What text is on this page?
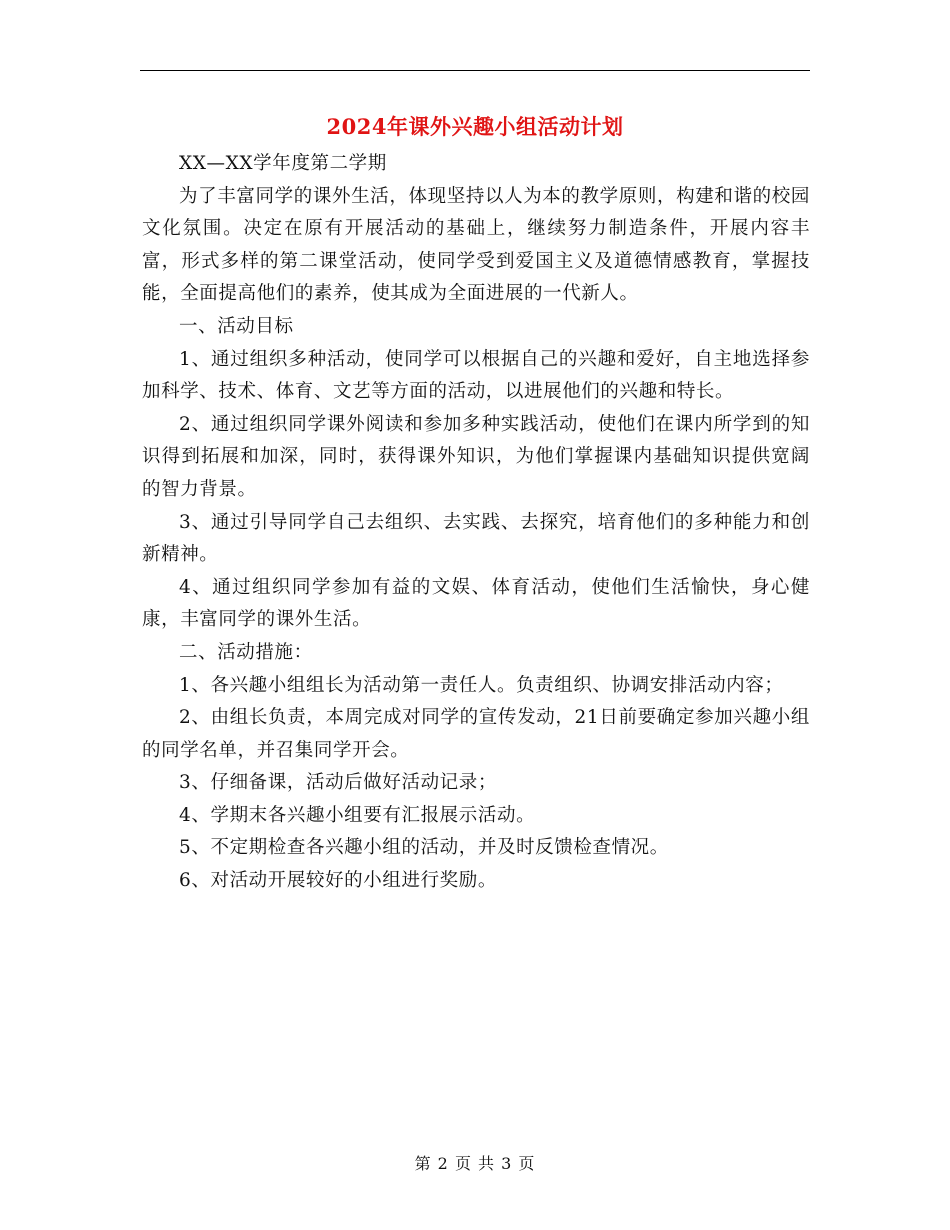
2024年课外兴趣小组活动计划

XX—XX学年度第二学期

为了丰富同学的课外生活，体现坚持以人为本的教学原则，构建和谐的校园文化氛围。决定在原有开展活动的基础上，继续努力制造条件，开展内容丰富，形式多样的第二课堂活动，使同学受到爱国主义及道德情感教育，掌握技能，全面提高他们的素养，使其成为全面进展的一代新人。

一、活动目标

1、通过组织多种活动，使同学可以根据自己的兴趣和爱好，自主地选择参加科学、技术、体育、文艺等方面的活动，以进展他们的兴趣和特长。

2、通过组织同学课外阅读和参加多种实践活动，使他们在课内所学到的知识得到拓展和加深，同时，获得课外知识，为他们掌握课内基础知识提供宽阔的智力背景。

3、通过引导同学自己去组织、去实践、去探究，培育他们的多种能力和创新精神。

4、通过组织同学参加有益的文娱、体育活动，使他们生活愉快，身心健康，丰富同学的课外生活。

二、活动措施：

1、各兴趣小组组长为活动第一责任人。负责组织、协调安排活动内容；

2、由组长负责，本周完成对同学的宣传发动，21日前要确定参加兴趣小组的同学名单，并召集同学开会。

3、仔细备课，活动后做好活动记录；

4、学期末各兴趣小组要有汇报展示活动。

5、不定期检查各兴趣小组的活动，并及时反馈检查情况。

6、对活动开展较好的小组进行奖励。

第 2 页 共 3 页
